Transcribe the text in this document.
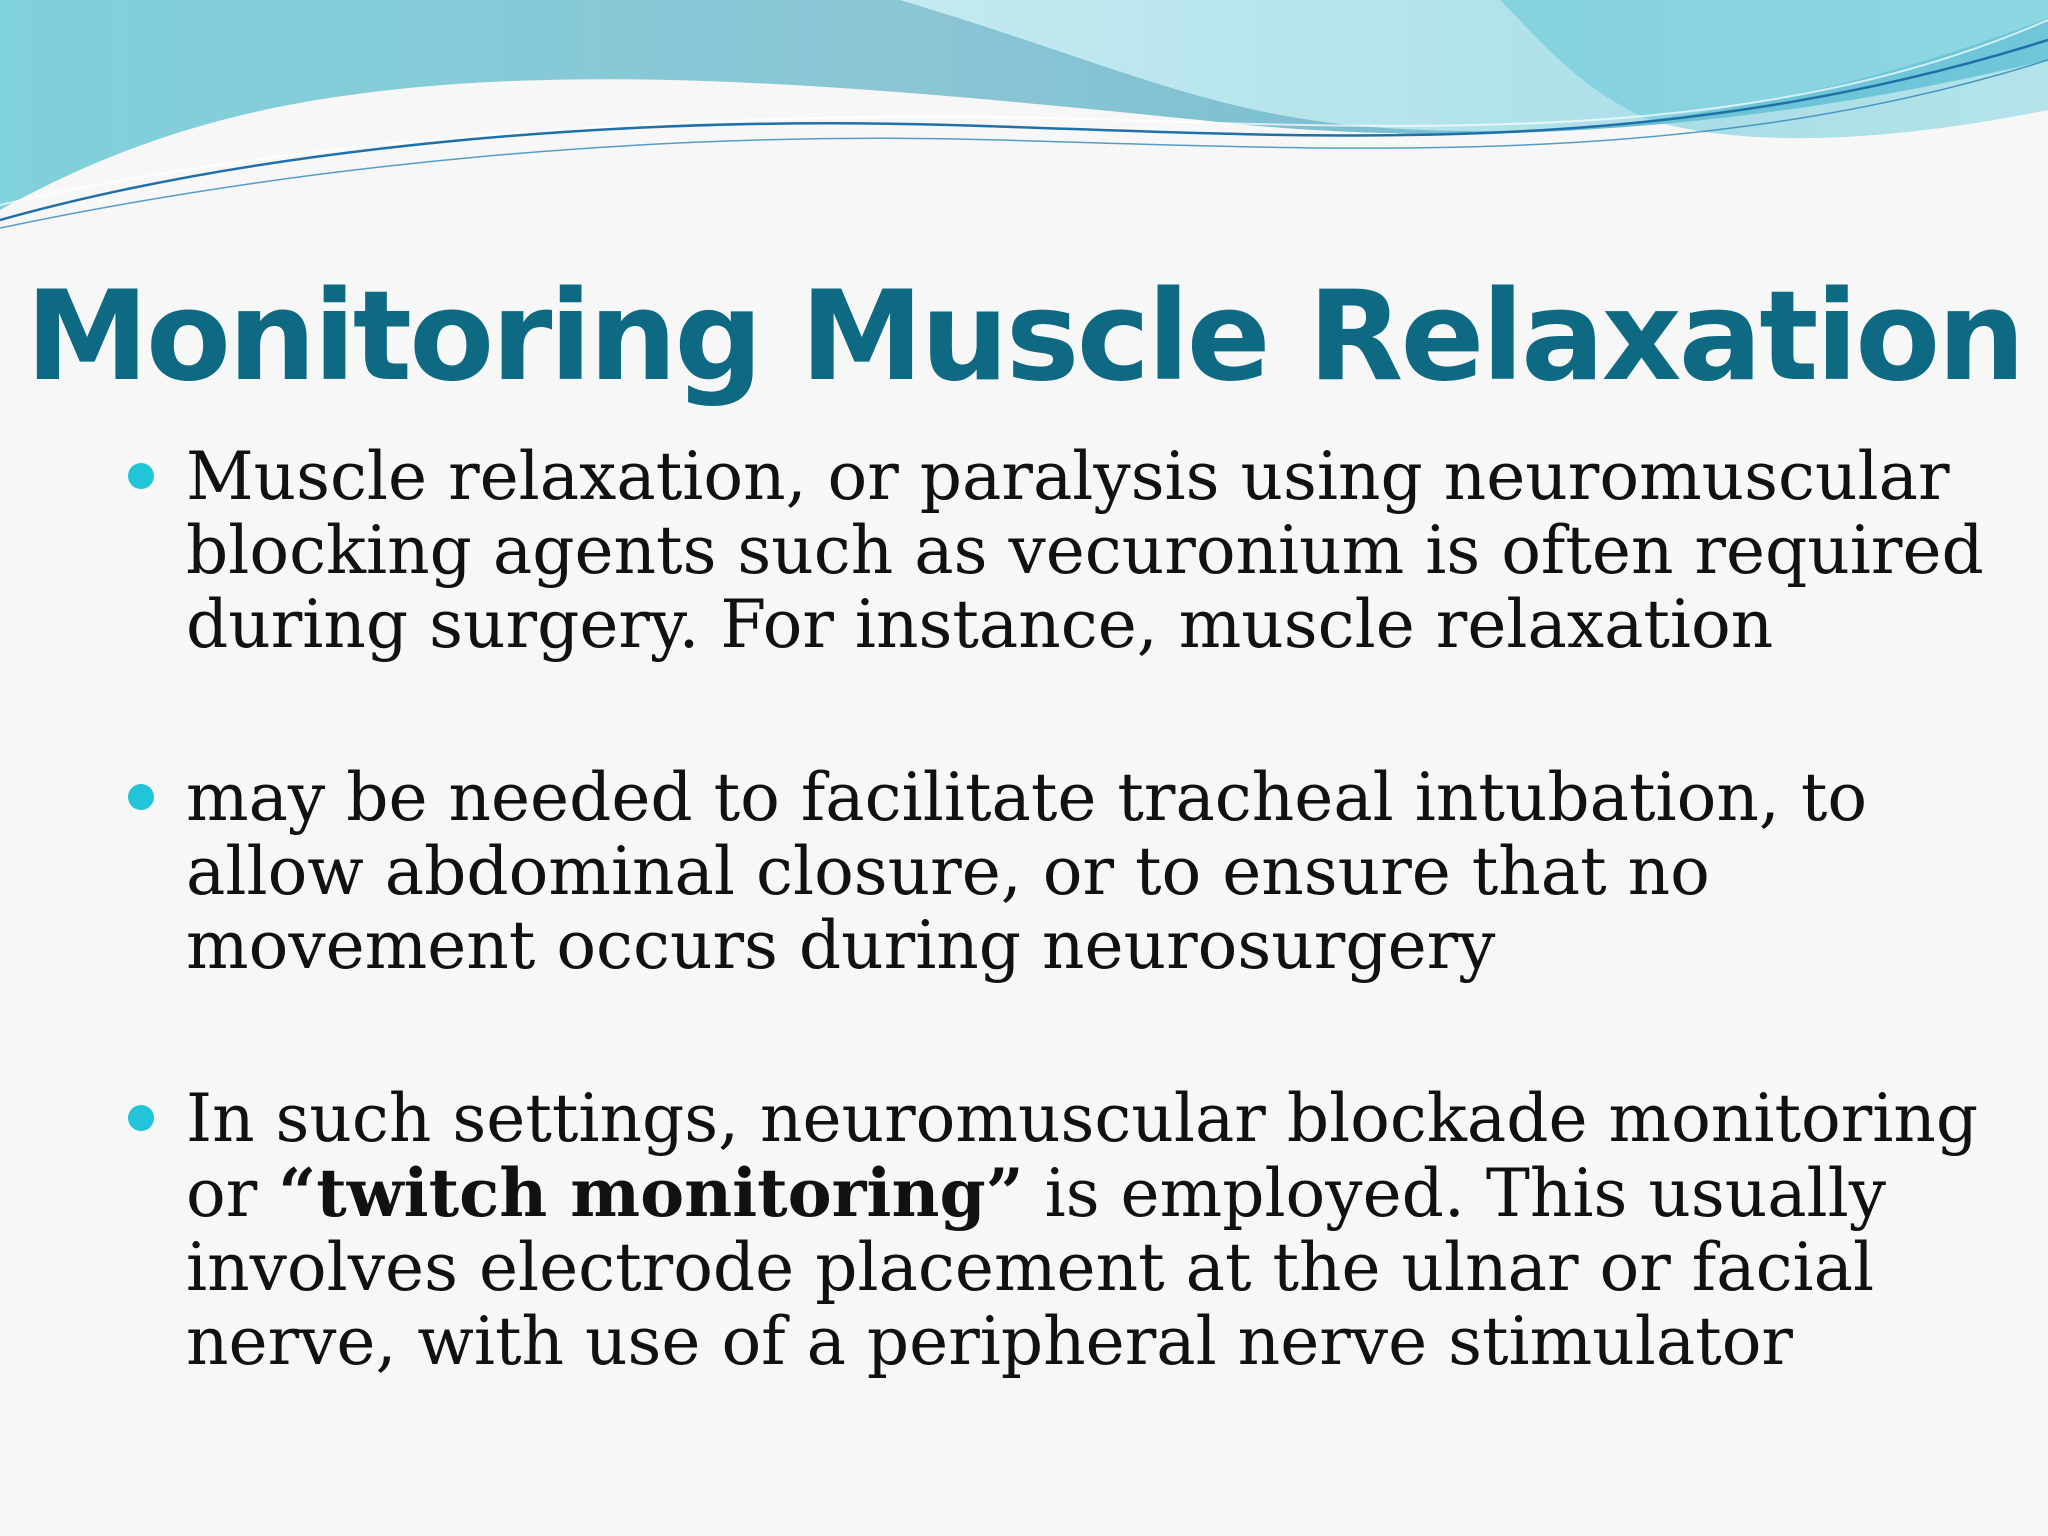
Monitoring Muscle Relaxation
Muscle relaxation, or paralysis using neuromuscular blocking agents such as vecuronium is often required during surgery. For instance, muscle relaxation
may be needed to facilitate tracheal intubation, to allow abdominal closure, or to ensure that no movement occurs during neurosurgery
In such settings, neuromuscular blockade monitoring or “twitch monitoring” is employed. This usually involves electrode placement at the ulnar or facial nerve, with use of a peripheral nerve stimulator
